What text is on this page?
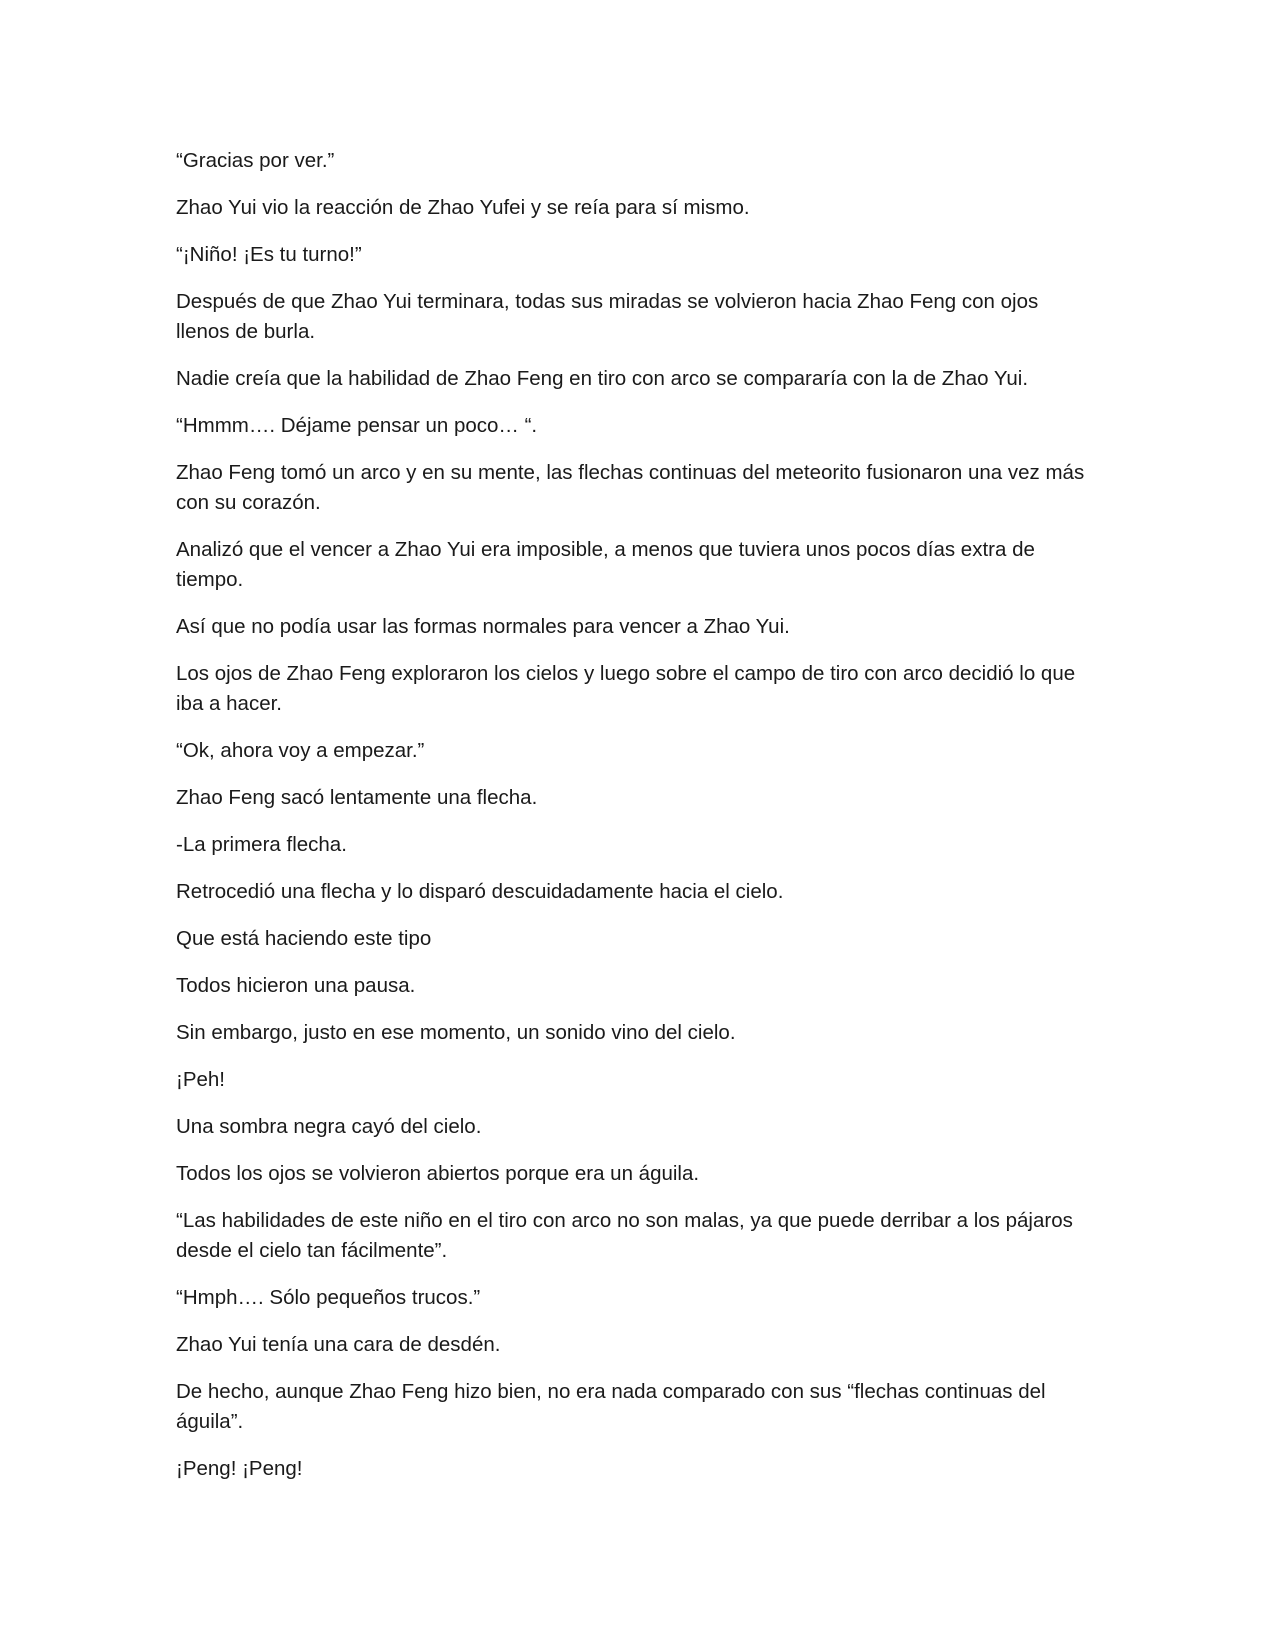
“Gracias por ver.”

Zhao Yui vio la reacción de Zhao Yufei y se reía para sí mismo.

“¡Niño! ¡Es tu turno!”

Después de que Zhao Yui terminara, todas sus miradas se volvieron hacia Zhao Feng con ojos llenos de burla.

Nadie creía que la habilidad de Zhao Feng en tiro con arco se compararía con la de Zhao Yui.

“Hmmm…. Déjame pensar un poco… “.

Zhao Feng tomó un arco y en su mente, las flechas continuas del meteorito fusionaron una vez más con su corazón.

Analizó que el vencer a Zhao Yui era imposible, a menos que tuviera unos pocos días extra de tiempo.

Así que no podía usar las formas normales para vencer a Zhao Yui.

Los ojos de Zhao Feng exploraron los cielos y luego sobre el campo de tiro con arco decidió lo que iba a hacer.

“Ok, ahora voy a empezar.”

Zhao Feng sacó lentamente una flecha.

-La primera flecha.

Retrocedió una flecha y lo disparó descuidadamente hacia el cielo.

Que está haciendo este tipo

Todos hicieron una pausa.

Sin embargo, justo en ese momento, un sonido vino del cielo.

¡Peh!

Una sombra negra cayó del cielo.

Todos los ojos se volvieron abiertos porque era un águila.

“Las habilidades de este niño en el tiro con arco no son malas, ya que puede derribar a los pájaros desde el cielo tan fácilmente”.

“Hmph…. Sólo pequeños trucos.”

Zhao Yui tenía una cara de desdén.

De hecho, aunque Zhao Feng hizo bien, no era nada comparado con sus “flechas continuas del águila”.

¡Peng! ¡Peng!
